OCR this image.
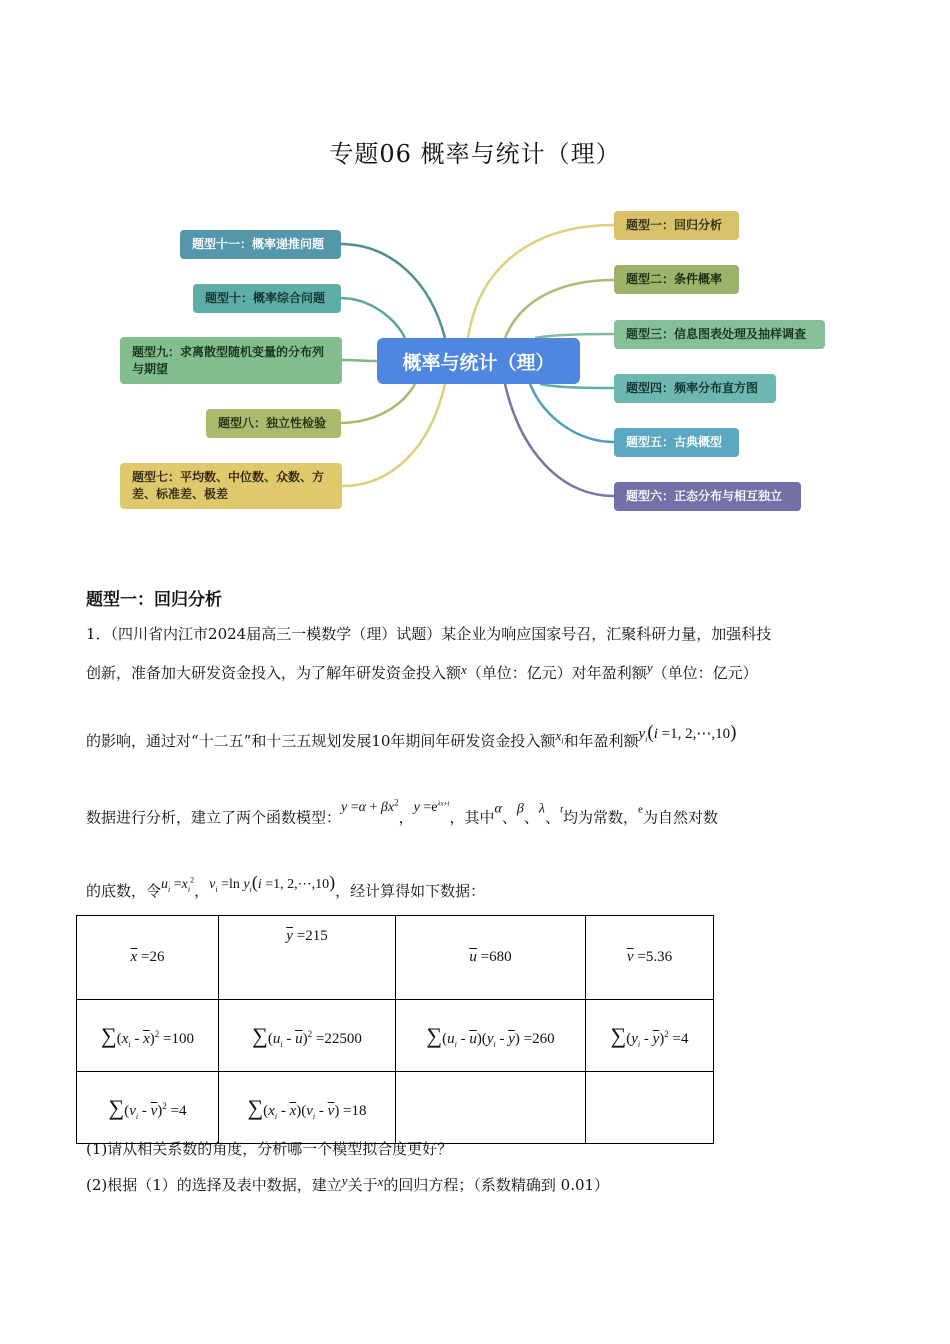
专题06 概率与统计（理）
概率与统计（理）
题型一：回归分析
题型二：条件概率
题型三：信息图表处理及抽样调查
题型四：频率分布直方图
题型五：古典概型
题型六：正态分布与相互独立
题型十一：概率递推问题
题型十：概率综合问题
题型九：求离散型随机变量的分布列与期望
题型八：独立性检验
题型七：平均数、中位数、众数、方差、标准差、极差
题型一：回归分析
1．（四川省内江市2024届高三一模数学（理）试题）某企业为响应国家号召，汇聚科研力量，加强科技
创新，准备加大研发资金投入，为了解年研发资金投入额x（单位：亿元）对年盈利额y（单位：亿元）
的影响，通过对“十二五”和十三五规划发展10年期间年研发资金投入额$x_i$和年盈利额$y_i(i =1$, 2,⋯,10)
数据进行分析，建立了两个函数模型：$y =\alpha + \beta x^2$，$y =e^{\lambda x+t}$，其中α、β、λ、$^t$均为常数，$^e$为自然对数
的底数，令$u_i =x_i^2$，$v_i =\ln$ $y_i(i =1$, 2,⋯,10)，经计算得如下数据：
$\overline{x} =26$	$\overline{y} =215$	$\overline{u} =680$	$\overline{v} =5.36$
$\sum(x_i - \overline{x})^2 =100$	$\sum(u_i - \overline{u})^2 =22500$	$\sum(u_i - \overline{u})(y_i - \overline{y}) =260$	$\sum(y_i - \overline{y})^2 =4$
$\sum(v_i - \overline{v})^2 =4$	$\sum(x_i - \overline{x})(v_i - \overline{v}) =18$		
(1)请从相关系数的角度，分析哪一个模型拟合度更好？
(2)根据（1）的选择及表中数据，建立y关于x的回归方程；（系数精确到 0.01）
